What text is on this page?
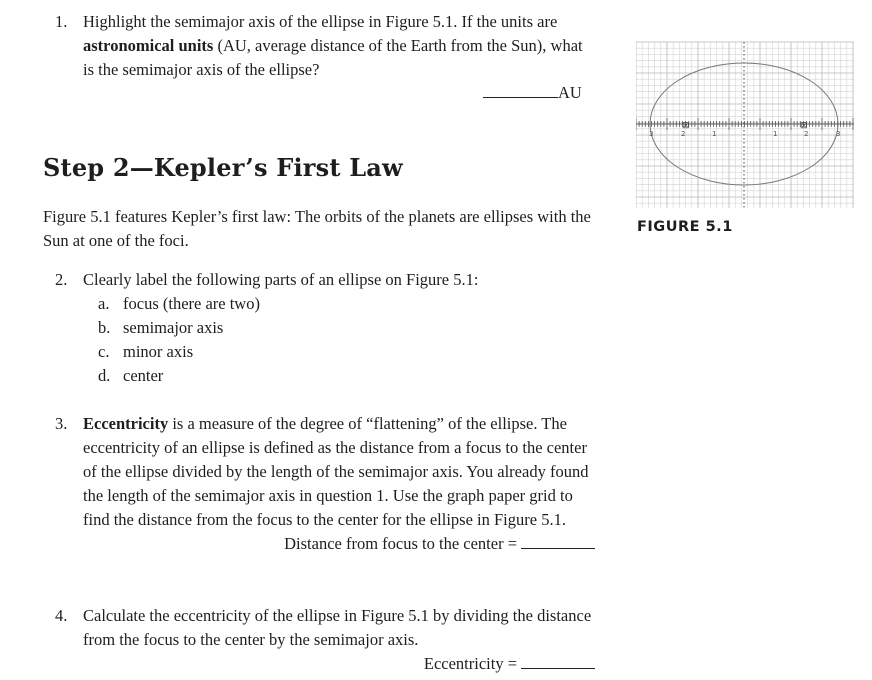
1. Highlight the semimajor axis of the ellipse in Figure 5.1. If the units are astronomical units (AU, average distance of the Earth from the Sun), what is the semimajor axis of the ellipse?
AU
Step 2—Kepler’s First Law
Figure 5.1 features Kepler’s first law: The orbits of the planets are ellipses with the Sun at one of the foci.
2. Clearly label the following parts of an ellipse on Figure 5.1:
a. focus (there are two)
b. semimajor axis
c. minor axis
d. center
3. Eccentricity is a measure of the degree of “flattening” of the ellipse. The eccentricity of an ellipse is defined as the distance from a focus to the center of the ellipse divided by the length of the semimajor axis. You already found the length of the semimajor axis in question 1. Use the graph paper grid to find the distance from the focus to the center for the ellipse in Figure 5.1.
Distance from focus to the center =
4. Calculate the eccentricity of the ellipse in Figure 5.1 by dividing the distance from the focus to the center by the semimajor axis.
Eccentricity =
⊠	⊠
3	2	1	1	2	3
FIGURE 5.1
